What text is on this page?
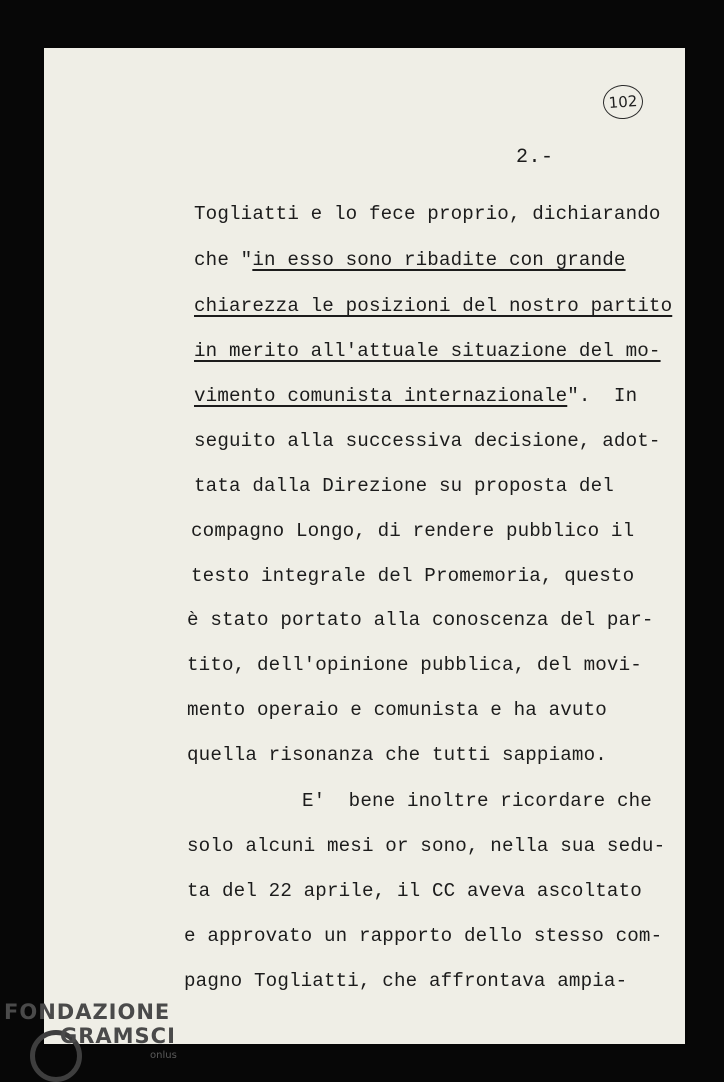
102
2.-
Togliatti e lo fece proprio, dichiarando
che "in esso sono ribadite con grande
chiarezza le posizioni del nostro partito
in merito all'attuale situazione del mo-
vimento comunista internazionale".  In
seguito alla successiva decisione, adot-
tata dalla Direzione su proposta del
compagno Longo, di rendere pubblico il
testo integrale del Promemoria, questo
è stato portato alla conoscenza del par-
tito, dell'opinione pubblica, del movi-
mento operaio e comunista e ha avuto
quella risonanza che tutti sappiamo.
E'  bene inoltre ricordare che
solo alcuni mesi or sono, nella sua sedu-
ta del 22 aprile, il CC aveva ascoltato
e approvato un rapporto dello stesso com-
pagno Togliatti, che affrontava ampia-
FONDAZIONE
GRAMSCI
onlus
